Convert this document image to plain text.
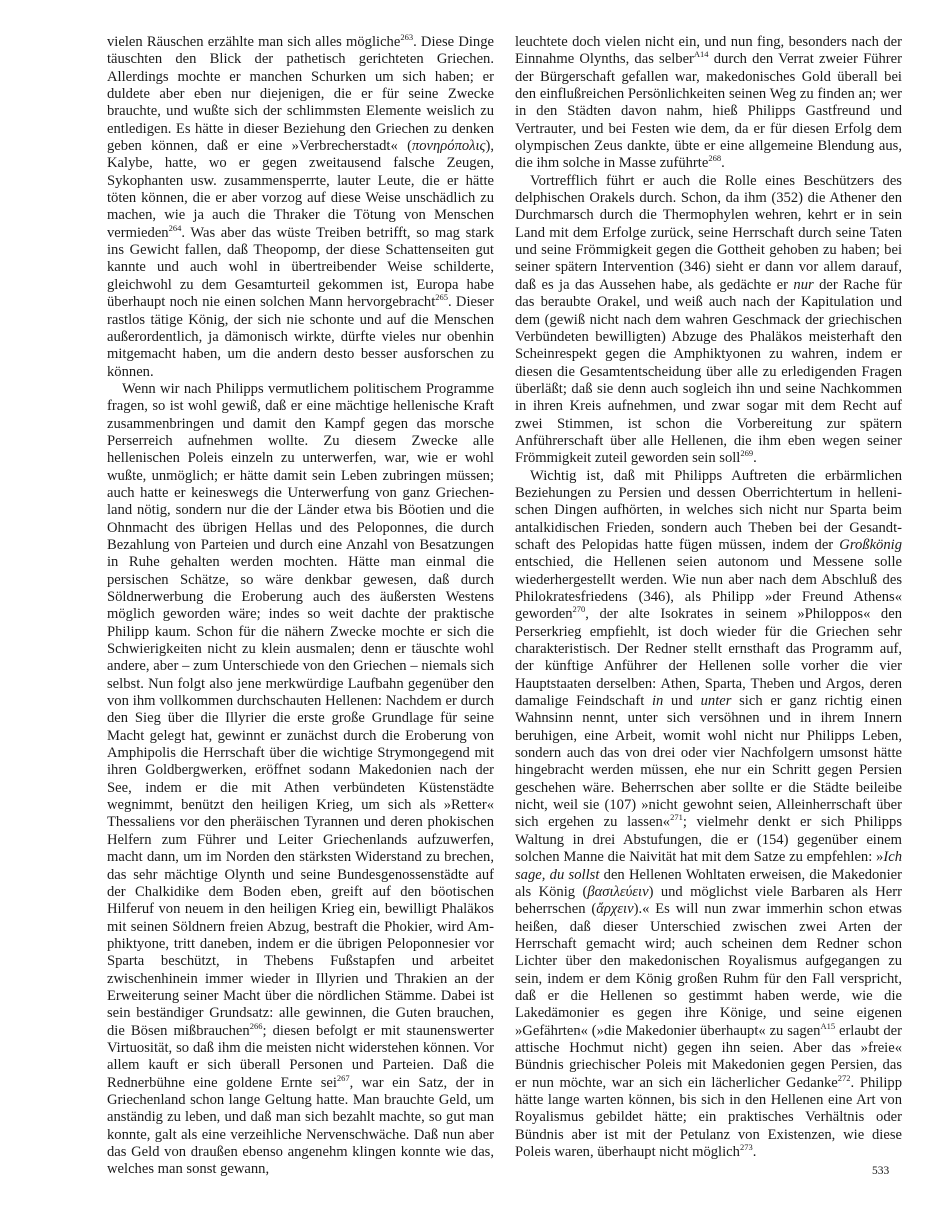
vielen Räuschen erzählte man sich alles mögliche$^{263}$. Diese Dinge täuschten den Blick der pathetisch gerichteten Griechen. Allerdings mochte er manchen Schurken um sich haben; er duldete aber eben nur diejenigen, die er für seine Zwecke brauchte, und wußte sich der schlimmsten Elemente weislich zu entledigen. Es hätte in dieser Beziehung den Griechen zu denken geben können, daß er eine »Verbrecherstadt« (πονηρόπολις), Kalybe, hatte, wo er gegen zweitausend falsche Zeugen, Sykophanten usw. zusammensperrte, lauter Leute, die er hätte töten können, die er aber vorzog auf diese Weise unschädlich zu machen, wie ja auch die Thraker die Tötung von Menschen vermieden$^{264}$. Was aber das wüste Treiben betrifft, so mag stark ins Gewicht fallen, daß Theopomp, der diese Schattenseiten gut kannte und auch wohl in übertreibender Weise schilderte, gleichwohl zu dem Gesamturteil gekommen ist, Europa habe überhaupt noch nie einen solchen Mann hervorgebracht$^{265}$. Dieser rastlos tätige König, der sich nie schonte und auf die Menschen außerordentlich, ja dämonisch wirkte, dürfte vieles nur obenhin mitgemacht haben, um die andern desto besser ausforschen zu können.

Wenn wir nach Philipps vermutlichem politischem Programme fragen, so ist wohl gewiß, daß er eine mächtige hellenische Kraft zusammenbringen und damit den Kampf gegen das morsche Perserreich aufnehmen wollte. Zu diesem Zwecke alle hellenischen Poleis einzeln zu unterwerfen, war, wie er wohl wußte, unmöglich; er hätte damit sein Leben zubringen müssen; auch hatte er keineswegs die Unterwerfung von ganz Griechenland nötig, sondern nur die der Länder etwa bis Böotien und die Ohnmacht des übrigen Hellas und des Peloponnes, die durch Bezahlung von Parteien und durch eine Anzahl von Besatzungen in Ruhe gehalten werden mochten. Hätte man einmal die persischen Schätze, so wäre denkbar gewesen, daß durch Söldnerwerbung die Eroberung auch des äußersten Westens möglich geworden wäre; indes so weit dachte der praktische Philipp kaum. Schon für die nähern Zwecke mochte er sich die Schwierigkeiten nicht zu klein ausmalen; denn er täuschte wohl andere, aber – zum Unterschiede von den Griechen – niemals sich selbst. Nun folgt also jene merkwürdige Laufbahn gegenüber den von ihm vollkommen durchschauten Hellenen: Nachdem er durch den Sieg über die Illyrier die erste große Grundlage für seine Macht gelegt hat, gewinnt er zunächst durch die Eroberung von Amphipolis die Herrschaft über die wichtige Strymongegend mit ihren Goldbergwerken, eröffnet sodann Makedonien nach der See, indem er die mit Athen verbündeten Küstenstädte wegnimmt, benützt den heiligen Krieg, um sich als »Retter« Thessaliens vor den pheräischen Tyrannen und deren phokischen Helfern zum Führer und Leiter Griechenlands aufzuwerfen, macht dann, um im Norden den stärksten Widerstand zu brechen, das sehr mächtige Olynth und seine Bundesgenossenstädte auf der Chalkidike dem Boden eben, greift auf den böotischen Hilferuf von neuem in den heiligen Krieg ein, bewilligt Phaläkos mit seinen Söldnern freien Abzug, bestraft die Phokier, wird Amphiktyone, tritt daneben, indem er die übrigen Peloponnesier vor Sparta beschützt, in Thebens Fußstapfen und arbeitet zwischenhinein immer wieder in Illyrien und Thrakien an der Erweiterung seiner Macht über die nördlichen Stämme. Dabei ist sein beständiger Grundsatz: alle gewinnen, die Guten brauchen, die Bösen mißbrauchen$^{266}$; diesen befolgt er mit staunenswerter Virtuosität, so daß ihm die meisten nicht widerstehen können. Vor allem kauft er sich überall Personen und Parteien. Daß die Rednerbühne eine goldene Ernte sei$^{267}$, war ein Satz, der in Griechenland schon lange Geltung hatte. Man brauchte Geld, um anständig zu leben, und daß man sich bezahlt machte, so gut man konnte, galt als eine verzeihliche Nervenschwäche. Daß nun aber das Geld von draußen ebenso angenehm klingen konnte wie das, welches man sonst gewann,

leuchtete doch vielen nicht ein, und nun fing, besonders nach der Einnahme Olynths, das selber$^{A14}$ durch den Verrat zweier Führer der Bürgerschaft gefallen war, makedonisches Gold überall bei den einflußreichen Persönlichkeiten seinen Weg zu finden an; wer in den Städten davon nahm, hieß Philipps Gastfreund und Vertrauter, und bei Festen wie dem, da er für diesen Erfolg dem olympischen Zeus dankte, übte er eine allgemeine Blendung aus, die ihm solche in Masse zuführte$^{268}$.

Vortrefflich führt er auch die Rolle eines Beschützers des delphischen Orakels durch. Schon, da ihm (352) die Athener den Durchmarsch durch die Thermophylen wehren, kehrt er in sein Land mit dem Erfolge zurück, seine Herrschaft durch seine Taten und seine Frömmigkeit gegen die Gottheit gehoben zu haben; bei seiner spätern Intervention (346) sieht er dann vor allem darauf, daß es ja das Aussehen habe, als gedächte er nur der Rache für das beraubte Orakel, und weiß auch nach der Kapitulation und dem (gewiß nicht nach dem wahren Geschmack der griechischen Verbündeten bewilligten) Abzuge des Phaläkos meisterhaft den Scheinrespekt gegen die Amphiktyonen zu wahren, indem er diesen die Gesamtentscheidung über alle zu erledigenden Fragen überläßt; daß sie denn auch sogleich ihn und seine Nachkommen in ihren Kreis aufnehmen, und zwar sogar mit dem Recht auf zwei Stimmen, ist schon die Vorbereitung zur spätern Anführerschaft über alle Hellenen, die ihm eben wegen seiner Frömmigkeit zuteil geworden sein soll$^{269}$.

Wichtig ist, daß mit Philipps Auftreten die erbärmlichen Beziehungen zu Persien und dessen Oberrichtertum in hellenischen Dingen aufhörten, in welches sich nicht nur Sparta beim antalkidischen Frieden, sondern auch Theben bei der Gesandtschaft des Pelopidas hatte fügen müssen, indem der Großkönig entschied, die Hellenen seien autonom und Messene solle wiederhergestellt werden. Wie nun aber nach dem Abschluß des Philokratesfriedens (346), als Philipp »der Freund Athens« geworden$^{270}$, der alte Isokrates in seinem »Philoppos« den Perserkrieg empfiehlt, ist doch wieder für die Griechen sehr charakteristisch. Der Redner stellt ernsthaft das Programm auf, der künftige Anführer der Hellenen solle vorher die vier Hauptstaaten derselben: Athen, Sparta, Theben und Argos, deren damalige Feindschaft in und unter sich er ganz richtig einen Wahnsinn nennt, unter sich versöhnen und in ihrem Innern beruhigen, eine Arbeit, womit wohl nicht nur Philipps Leben, sondern auch das von drei oder vier Nachfolgern umsonst hätte hingebracht werden müssen, ehe nur ein Schritt gegen Persien geschehen wäre. Beherrschen aber sollte er die Städte beileibe nicht, weil sie (107) »nicht gewohnt seien, Alleinherrschaft über sich ergehen zu lassen«$^{271}$; vielmehr denkt er sich Philipps Waltung in drei Abstufungen, die er (154) gegenüber einem solchen Manne die Naivität hat mit dem Satze zu empfehlen: »Ich sage, du sollst den Hellenen Wohltaten erweisen, die Makedonier als König (βασιλεύειν) und möglichst viele Barbaren als Herr beherrschen (ἄρχειν).« Es will nun zwar immerhin schon etwas heißen, daß dieser Unterschied zwischen zwei Arten der Herrschaft gemacht wird; auch scheinen dem Redner schon Lichter über den makedonischen Royalismus aufgegangen zu sein, indem er dem König großen Ruhm für den Fall verspricht, daß er die Hellenen so gestimmt haben werde, wie die Lakedämonier es gegen ihre Könige, und seine eigenen »Gefährten« (»die Makedonier überhaupt« zu sagen$^{A15}$ erlaubt der attische Hochmut nicht) gegen ihn seien. Aber das »freie« Bündnis griechischer Poleis mit Makedonien gegen Persien, das er nun möchte, war an sich ein lächerlicher Gedanke$^{272}$. Philipp hätte lange warten können, bis sich in den Hellenen eine Art von Royalismus gebildet hätte; ein praktisches Verhältnis oder Bündnis aber ist mit der Petulanz von Existenzen, wie diese Poleis waren, überhaupt nicht möglich$^{273}$.

533
